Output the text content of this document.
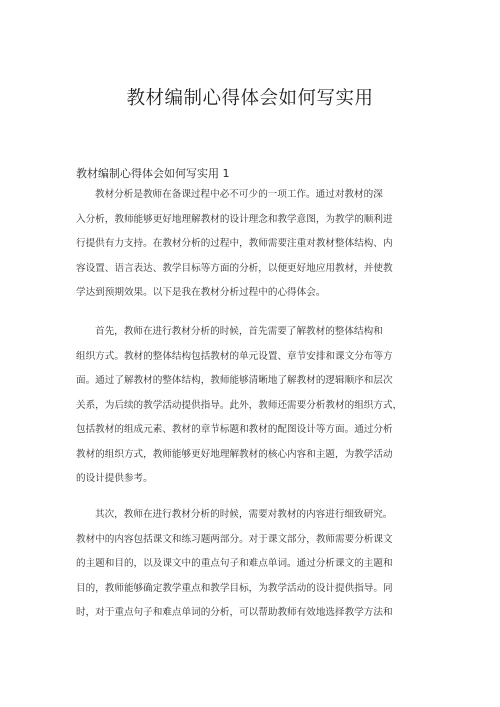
教材编制心得体会如何写实用
教材编制心得体会如何写实用 1
教材分析是教师在备课过程中必不可少的一项工作。通过对教材的深
入分析，教师能够更好地理解教材的设计理念和教学意图，为教学的顺利进
行提供有力支持。在教材分析的过程中，教师需要注重对教材整体结构、内
容设置、语言表达、教学目标等方面的分析，以便更好地应用教材，并使教
学达到预期效果。以下是我在教材分析过程中的心得体会。
首先，教师在进行教材分析的时候，首先需要了解教材的整体结构和
组织方式。教材的整体结构包括教材的单元设置、章节安排和课文分布等方
面。通过了解教材的整体结构，教师能够清晰地了解教材的逻辑顺序和层次
关系，为后续的教学活动提供指导。此外，教师还需要分析教材的组织方式，
包括教材的组成元素、教材的章节标题和教材的配图设计等方面。通过分析
教材的组织方式，教师能够更好地理解教材的核心内容和主题，为教学活动
的设计提供参考。
其次，教师在进行教材分析的时候，需要对教材的内容进行细致研究。
教材中的内容包括课文和练习题两部分。对于课文部分，教师需要分析课文
的主题和目的，以及课文中的重点句子和难点单词。通过分析课文的主题和
目的，教师能够确定教学重点和教学目标，为教学活动的设计提供指导。同
时，对于重点句子和难点单词的分析，可以帮助教师有效地选择教学方法和
